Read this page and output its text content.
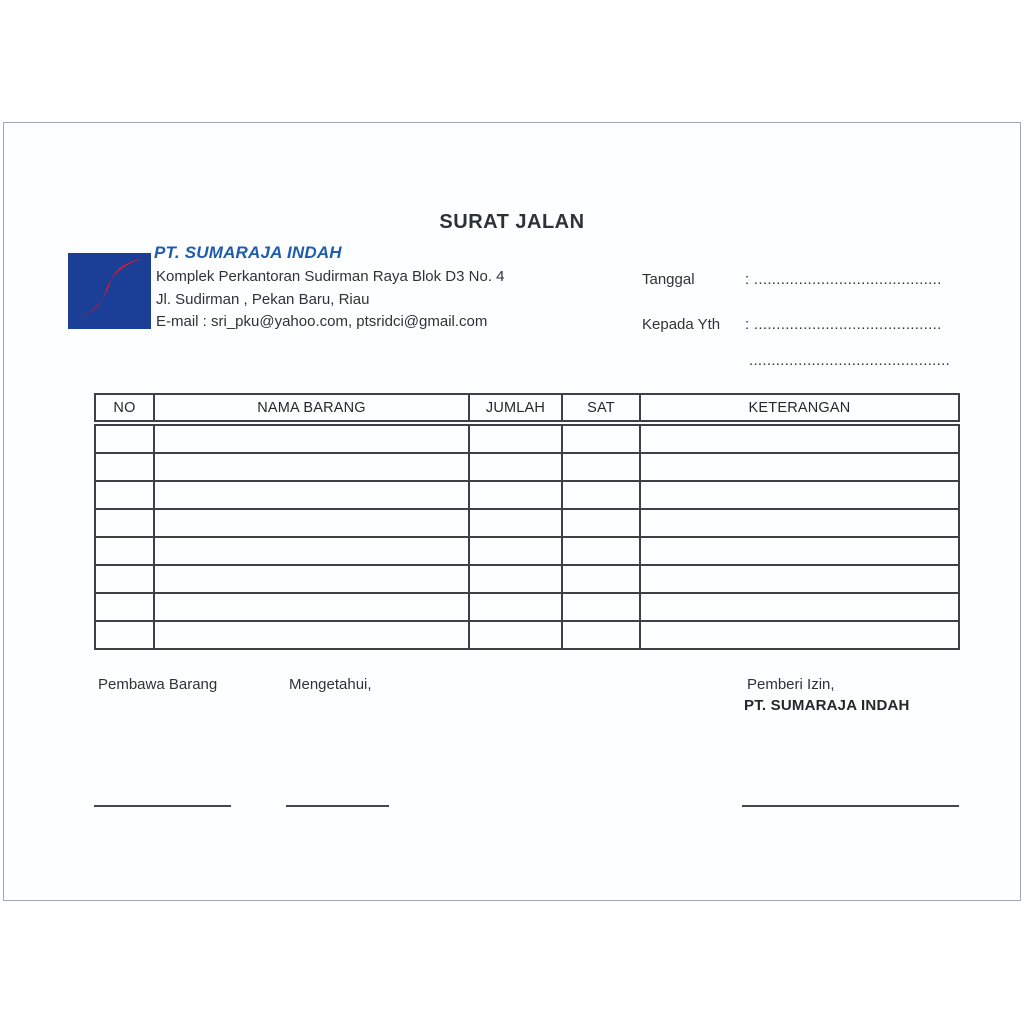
SURAT JALAN
PT. SUMARAJA INDAH
Komplek Perkantoran Sudirman Raya Blok D3 No. 4
Jl. Sudirman , Pekan Baru, Riau
E-mail : sri_pku@yahoo.com, ptsridci@gmail.com
Tanggal	: ..........................................
Kepada Yth : ..........................................
.............................................
NO	NAMA BARANG	JUMLAH	SAT	KETERANGAN

Pembawa Barang	Mengetahui,	Pemberi Izin,
PT. SUMARAJA INDAH
